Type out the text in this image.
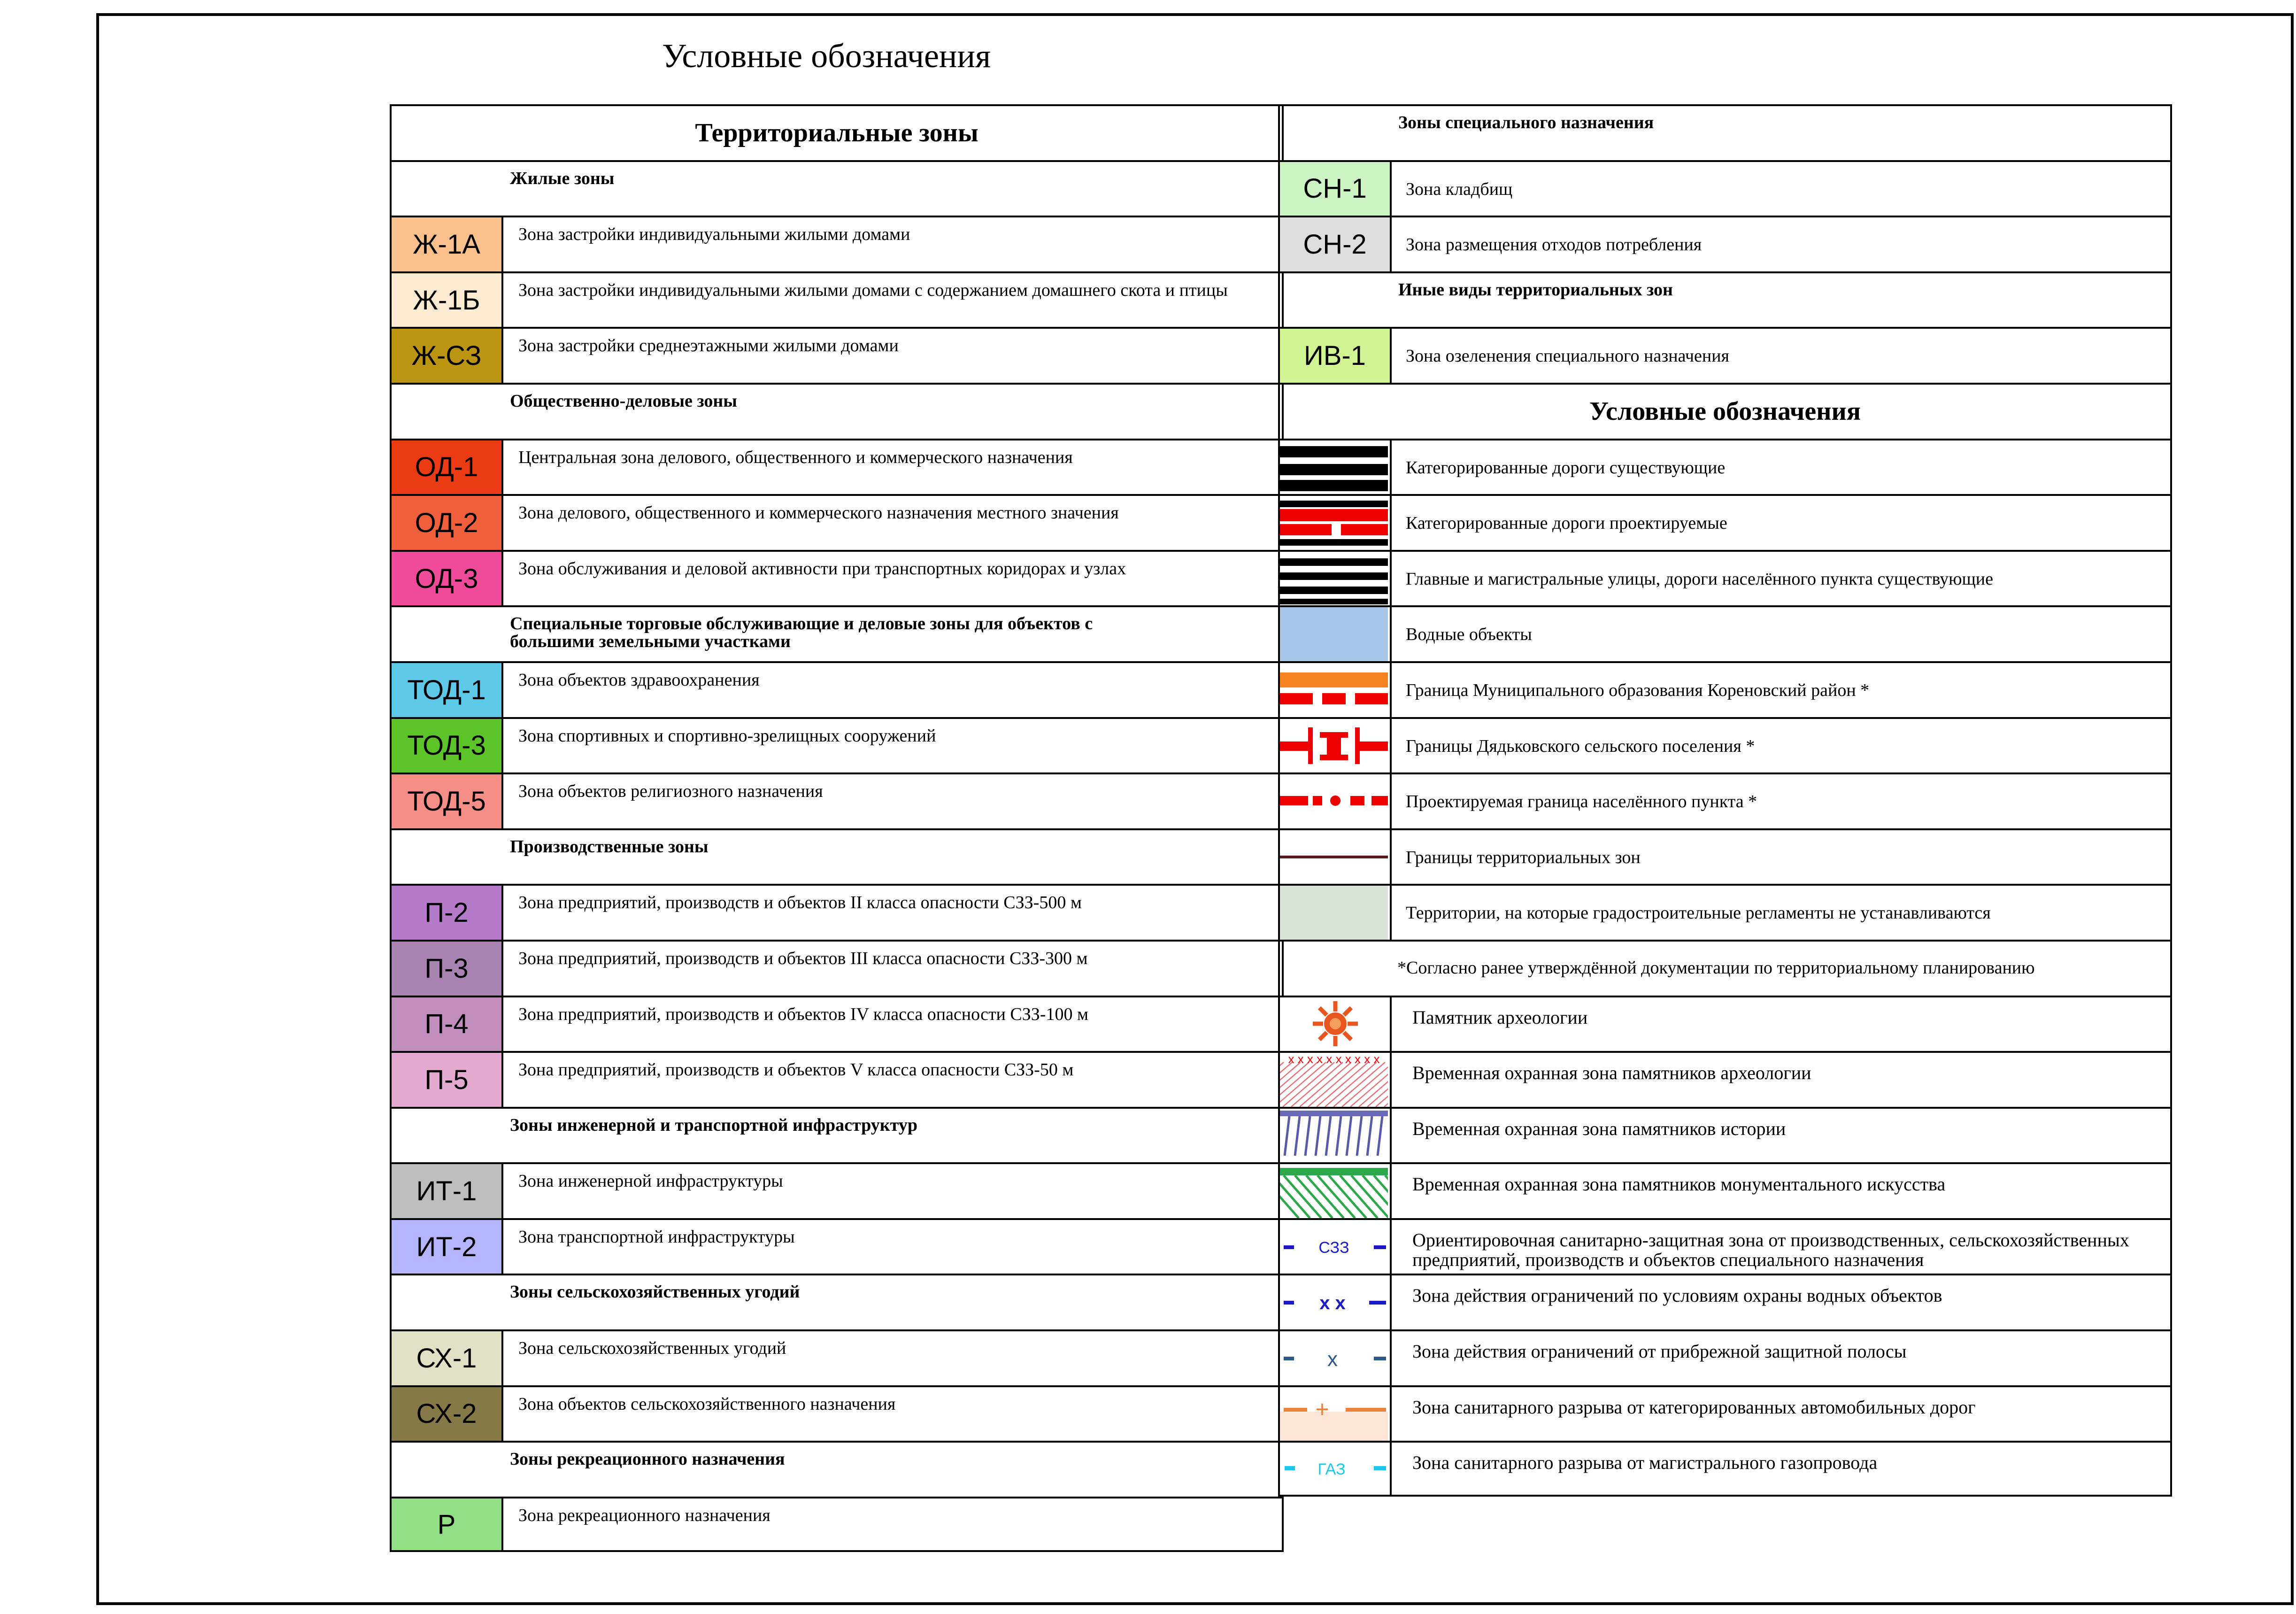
Условные обозначения
Территориальные зоны
Жилые зоны
Ж-1А	Зона застройки индивидуальными жилыми домами
Ж-1Б	Зона застройки индивидуальными жилыми домами с содержанием домашнего скота и птицы
Ж-СЗ	Зона застройки среднеэтажными жилыми домами
Общественно-деловые зоны
ОД-1	Центральная зона делового, общественного и коммерческого назначения
ОД-2	Зона делового, общественного и коммерческого назначения местного значения
ОД-3	Зона обслуживания и деловой активности при транспортных коридорах и узлах
Специальные торговые обслуживающие и деловые зоны для объектов с большими земельными участками
ТОД-1	Зона объектов здравоохранения
ТОД-3	Зона спортивных и спортивно-зрелищных сооружений
ТОД-5	Зона объектов религиозного назначения
Производственные зоны
П-2	Зона предприятий, производств и объектов II класса опасности СЗЗ-500 м
П-3	Зона предприятий, производств и объектов III класса опасности СЗЗ-300 м
П-4	Зона предприятий, производств и объектов IV класса опасности СЗЗ-100 м
П-5	Зона предприятий, производств и объектов V класса опасности СЗЗ-50 м
Зоны инженерной и транспортной инфраструктур
ИТ-1	Зона инженерной инфраструктуры
ИТ-2	Зона транспортной инфраструктуры
Зоны сельскохозяйственных угодий
СХ-1	Зона сельскохозяйственных угодий
СХ-2	Зона объектов сельскохозяйственного назначения
Зоны рекреационного назначения
Р	Зона рекреационного назначения
Зоны специального назначения
СН-1	Зона кладбищ
СН-2	Зона размещения отходов потребления
Иные виды территориальных зон
ИВ-1	Зона озеленения специального назначения
Условные обозначения
Категорированные дороги существующие
Категорированные дороги проектируемые
Главные и магистральные улицы, дороги населённого пункта существующие
Водные объекты
Граница Муниципального образования Кореновский район *
Границы Дядьковского сельского поселения *
Проектируемая граница населённого пункта *
Границы территориальных зон
Территории, на которые градостроительные регламенты не устанавливаются
*Согласно ранее утверждённой документации по территориальному планированию
Памятник археологии
x x x x x x x x x x
Временная охранная зона памятников археологии
Временная охранная зона памятников истории
Временная охранная зона памятников монументального искусства
СЗЗ	Ориентировочная санитарно-защитная зона от производственных, сельскохозяйственных предприятий, производств и объектов специального назначения
x x	Зона действия ограничений по условиям охраны водных объектов
x	Зона действия ограничений от прибрежной защитной полосы
+	Зона санитарного разрыва от категорированных автомобильных дорог
ГАЗ	Зона санитарного разрыва от магистрального газопровода
